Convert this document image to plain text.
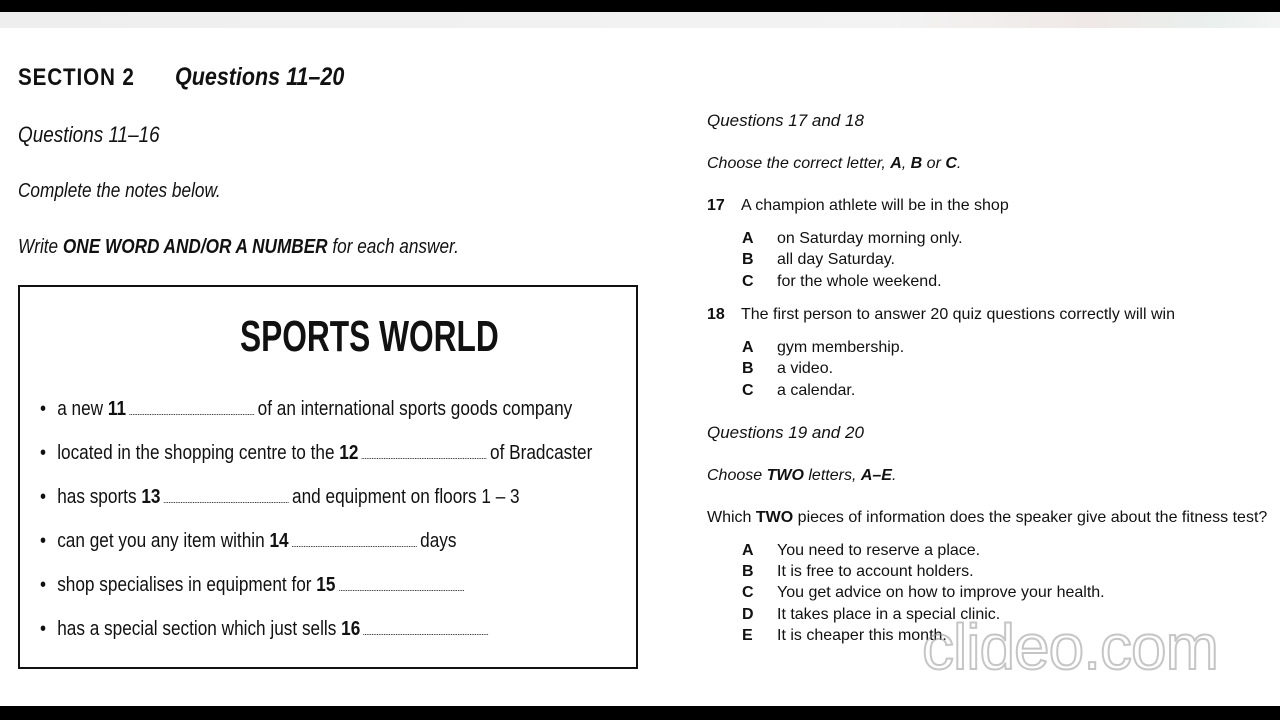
SECTION 2 Questions 11–20
Questions 11–16
Complete the notes below.
Write ONE WORD AND/OR A NUMBER for each answer.
SPORTS WORLD
• a new 11	of an international sports goods company
• located in the shopping centre to the 12	of Bradcaster
• has sports 13	and equipment on floors 1 – 3
• can get you any item within 14	days
• shop specialises in equipment for 15
• has a special section which just sells 16
Questions 17 and 18
Choose the correct letter, A, B or C.
17 A champion athlete will be in the shop
A on Saturday morning only.
B all day Saturday.
C for the whole weekend.
18 The first person to answer 20 quiz questions correctly will win
A gym membership.
B a video.
C a calendar.
Questions 19 and 20
Choose TWO letters, A–E.
Which TWO pieces of information does the speaker give about the fitness test?
A You need to reserve a place.
B It is free to account holders.
C You get advice on how to improve your health.
D It takes place in a special clinic.
E It is cheaper this month.
clideo.com
